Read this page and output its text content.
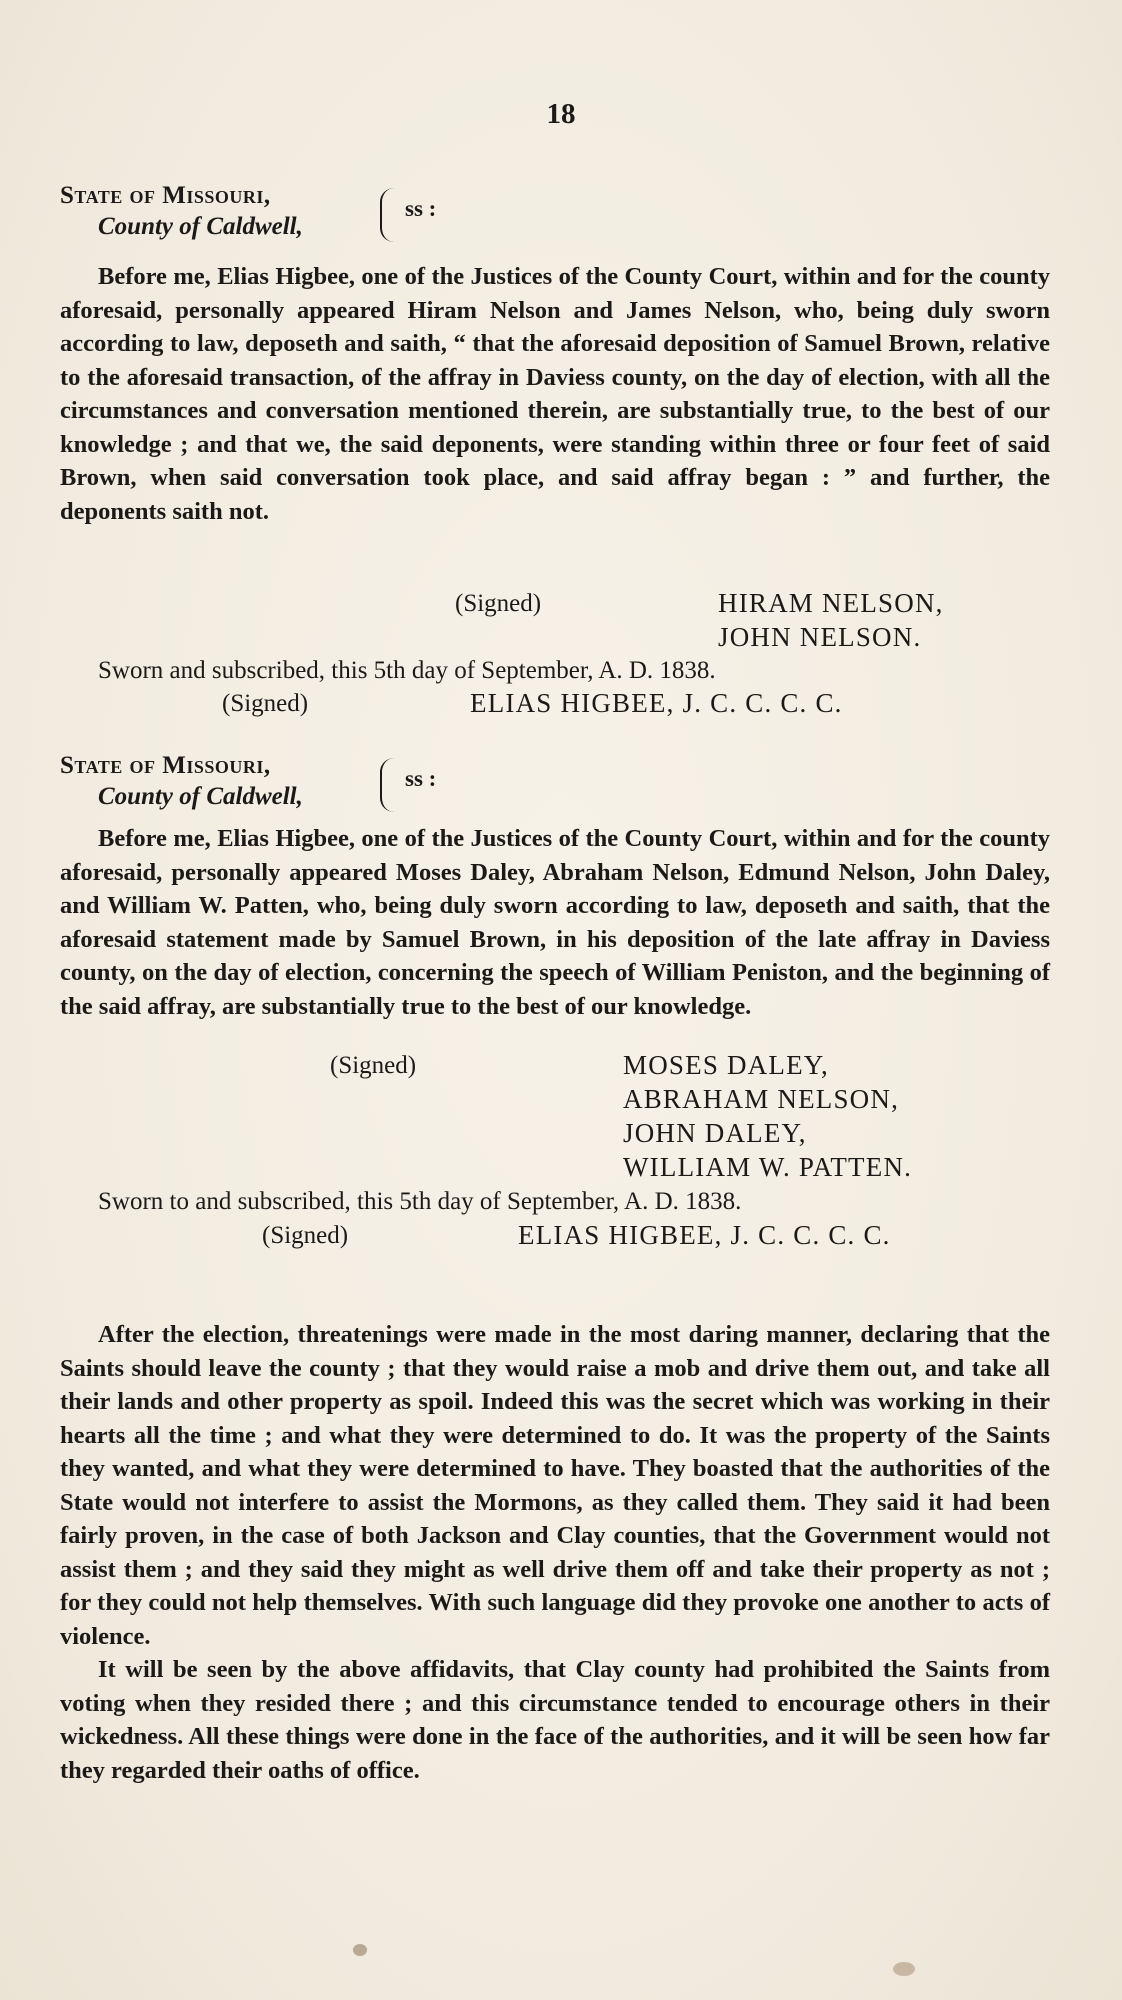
18
State of Missouri,
County of Caldwell,
ss :

Before me, Elias Higbee, one of the Justices of the County Court, within and for the county aforesaid, personally appeared Hiram Nelson and James Nelson, who, being duly sworn according to law, deposeth and saith, “ that the aforesaid deposition of Samuel Brown, relative to the aforesaid transaction, of the affray in Daviess county, on the day of election, with all the circumstances and conversation mentioned therein, are substantially true, to the best of our knowledge ; and that we, the said deponents, were standing within three or four feet of said Brown, when said conversation took place, and said affray began : ” and further, the deponents saith not.

(Signed)	HIRAM NELSON,
JOHN NELSON.
Sworn and subscribed, this 5th day of September, A. D. 1838.
(Signed)	ELIAS HIGBEE, J. C. C. C. C.
State of Missouri,
County of Caldwell,
ss :

Before me, Elias Higbee, one of the Justices of the County Court, within and for the county aforesaid, personally appeared Moses Daley, Abraham Nelson, Edmund Nelson, John Daley, and William W. Patten, who, being duly sworn according to law, deposeth and saith, that the aforesaid statement made by Samuel Brown, in his deposition of the late affray in Daviess county, on the day of election, concerning the speech of William Peniston, and the beginning of the said affray, are substantially true to the best of our knowledge.

(Signed)	MOSES DALEY,
ABRAHAM NELSON,
JOHN DALEY,
WILLIAM W. PATTEN.
Sworn to and subscribed, this 5th day of September, A. D. 1838.
(Signed)	ELIAS HIGBEE, J. C. C. C. C.

After the election, threatenings were made in the most daring manner, declaring that the Saints should leave the county ; that they would raise a mob and drive them out, and take all their lands and other property as spoil. Indeed this was the secret which was working in their hearts all the time ; and what they were determined to do. It was the property of the Saints they wanted, and what they were determined to have. They boasted that the authorities of the State would not interfere to assist the Mormons, as they called them. They said it had been fairly proven, in the case of both Jackson and Clay counties, that the Government would not assist them ; and they said they might as well drive them off and take their property as not ; for they could not help themselves. With such language did they provoke one another to acts of violence.

It will be seen by the above affidavits, that Clay county had prohibited the Saints from voting when they resided there ; and this circumstance tended to encourage others in their wickedness. All these things were done in the face of the authorities, and it will be seen how far they regarded their oaths of office.
